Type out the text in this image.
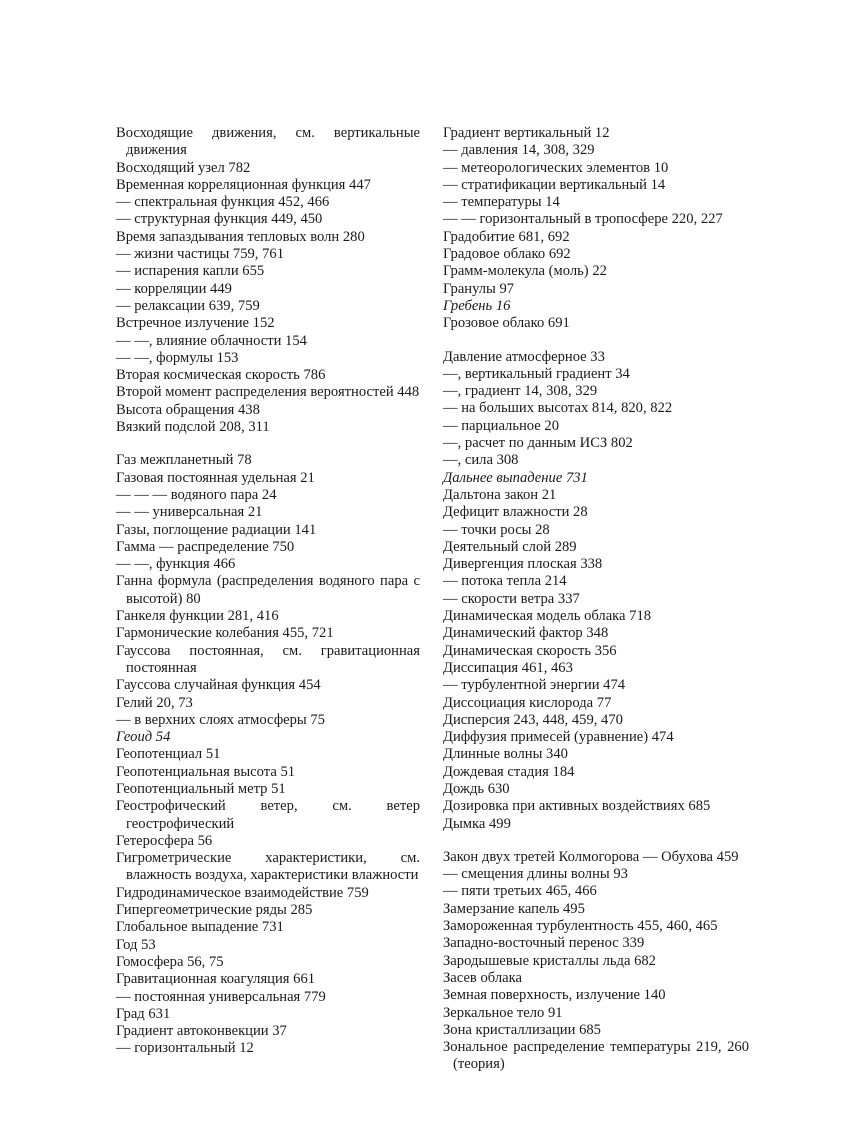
Восходящие движения, см. вертикальные движения
Восходящий узел 782
Временная корреляционная функция 447
— спектральная функция 452, 466
— структурная функция 449, 450
Время запаздывания тепловых волн 280
— жизни частицы 759, 761
— испарения капли 655
— корреляции 449
— релаксации 639, 759
Встречное излучение 152
— —, влияние облачности 154
— —, формулы 153
Вторая космическая скорость 786
Второй момент распределения вероятностей 448
Высота обращения 438
Вязкий подслой 208, 311
Газ межпланетный 78
Газовая постоянная удельная 21
— — — водяного пара 24
— — универсальная 21
Газы, поглощение радиации 141
Гамма — распределение 750
— —, функция 466
Ганна формула (распределения водяного пара с высотой) 80
Ганкеля функции 281, 416
Гармонические колебания 455, 721
Гауссова постоянная, см. гравитационная постоянная
Гауссова случайная функция 454
Гелий 20, 73
— в верхних слоях атмосферы 75
Геоид 54
Геопотенциал 51
Геопотенциальная высота 51
Геопотенциальный метр 51
Геострофический ветер, см. ветер геострофический
Гетеросфера 56
Гигрометрические характеристики, см. влажность воздуха, характеристики влажности
Гидродинамическое взаимодействие 759
Гипергеометрические ряды 285
Глобальное выпадение 731
Год 53
Гомосфера 56, 75
Гравитационная коагуляция 661
— постоянная универсальная 779
Град 631
Градиент автоконвекции 37
— горизонтальный 12
Градиент вертикальный 12
— давления 14, 308, 329
— метеорологических элементов 10
— стратификации вертикальный 14
— температуры 14
— — горизонтальный в тропосфере 220, 227
Градобитие 681, 692
Градовое облако 692
Грамм-молекула (моль) 22
Гранулы 97
Гребень 16
Грозовое облако 691
Давление атмосферное 33
—, вертикальный градиент 34
—, градиент 14, 308, 329
— на больших высотах 814, 820, 822
— парциальное 20
—, расчет по данным ИСЗ 802
—, сила 308
Дальнее выпадение 731
Дальтона закон 21
Дефицит влажности 28
— точки росы 28
Деятельный слой 289
Дивергенция плоская 338
— потока тепла 214
— скорости ветра 337
Динамическая модель облака 718
Динамический фактор 348
Динамическая скорость 356
Диссипация 461, 463
— турбулентной энергии 474
Диссоциация кислорода 77
Дисперсия 243, 448, 459, 470
Диффузия примесей (уравнение) 474
Длинные волны 340
Дождевая стадия 184
Дождь 630
Дозировка при активных воздействиях 685
Дымка 499
Закон двух третей Колмогорова — Обухова 459
— смещения длины волны 93
— пяти третьих 465, 466
Замерзание капель 495
Замороженная турбулентность 455, 460, 465
Западно-восточный перенос 339
Зародышевые кристаллы льда 682
Засев облака
Земная поверхность, излучение 140
Зеркальное тело 91
Зона кристаллизации 685
Зональное распределение температуры 219, 260 (теория)
